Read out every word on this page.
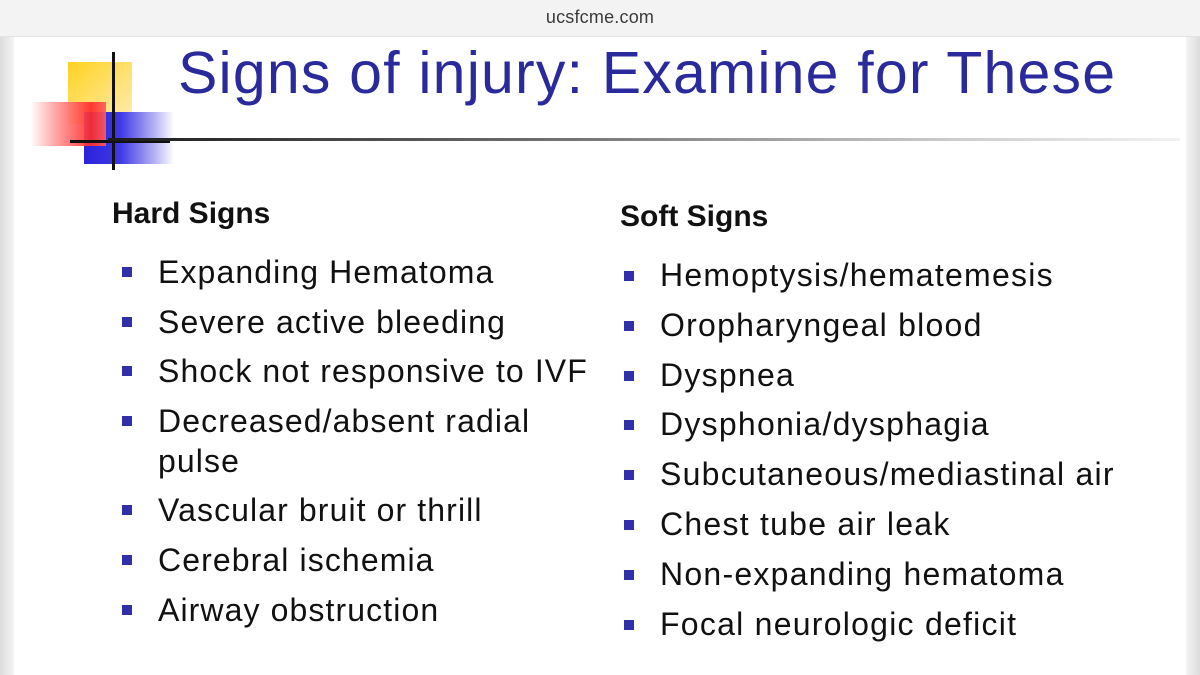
ucsfcme.com
Signs of injury: Examine for These
Hard Signs
Expanding Hematoma
Severe active bleeding
Shock not responsive to IVF
Decreased/absent radial pulse
Vascular bruit or thrill
Cerebral ischemia
Airway obstruction
Soft Signs
Hemoptysis/hematemesis
Oropharyngeal blood
Dyspnea
Dysphonia/dysphagia
Subcutaneous/mediastinal air
Chest tube air leak
Non-expanding hematoma
Focal neurologic deficit
